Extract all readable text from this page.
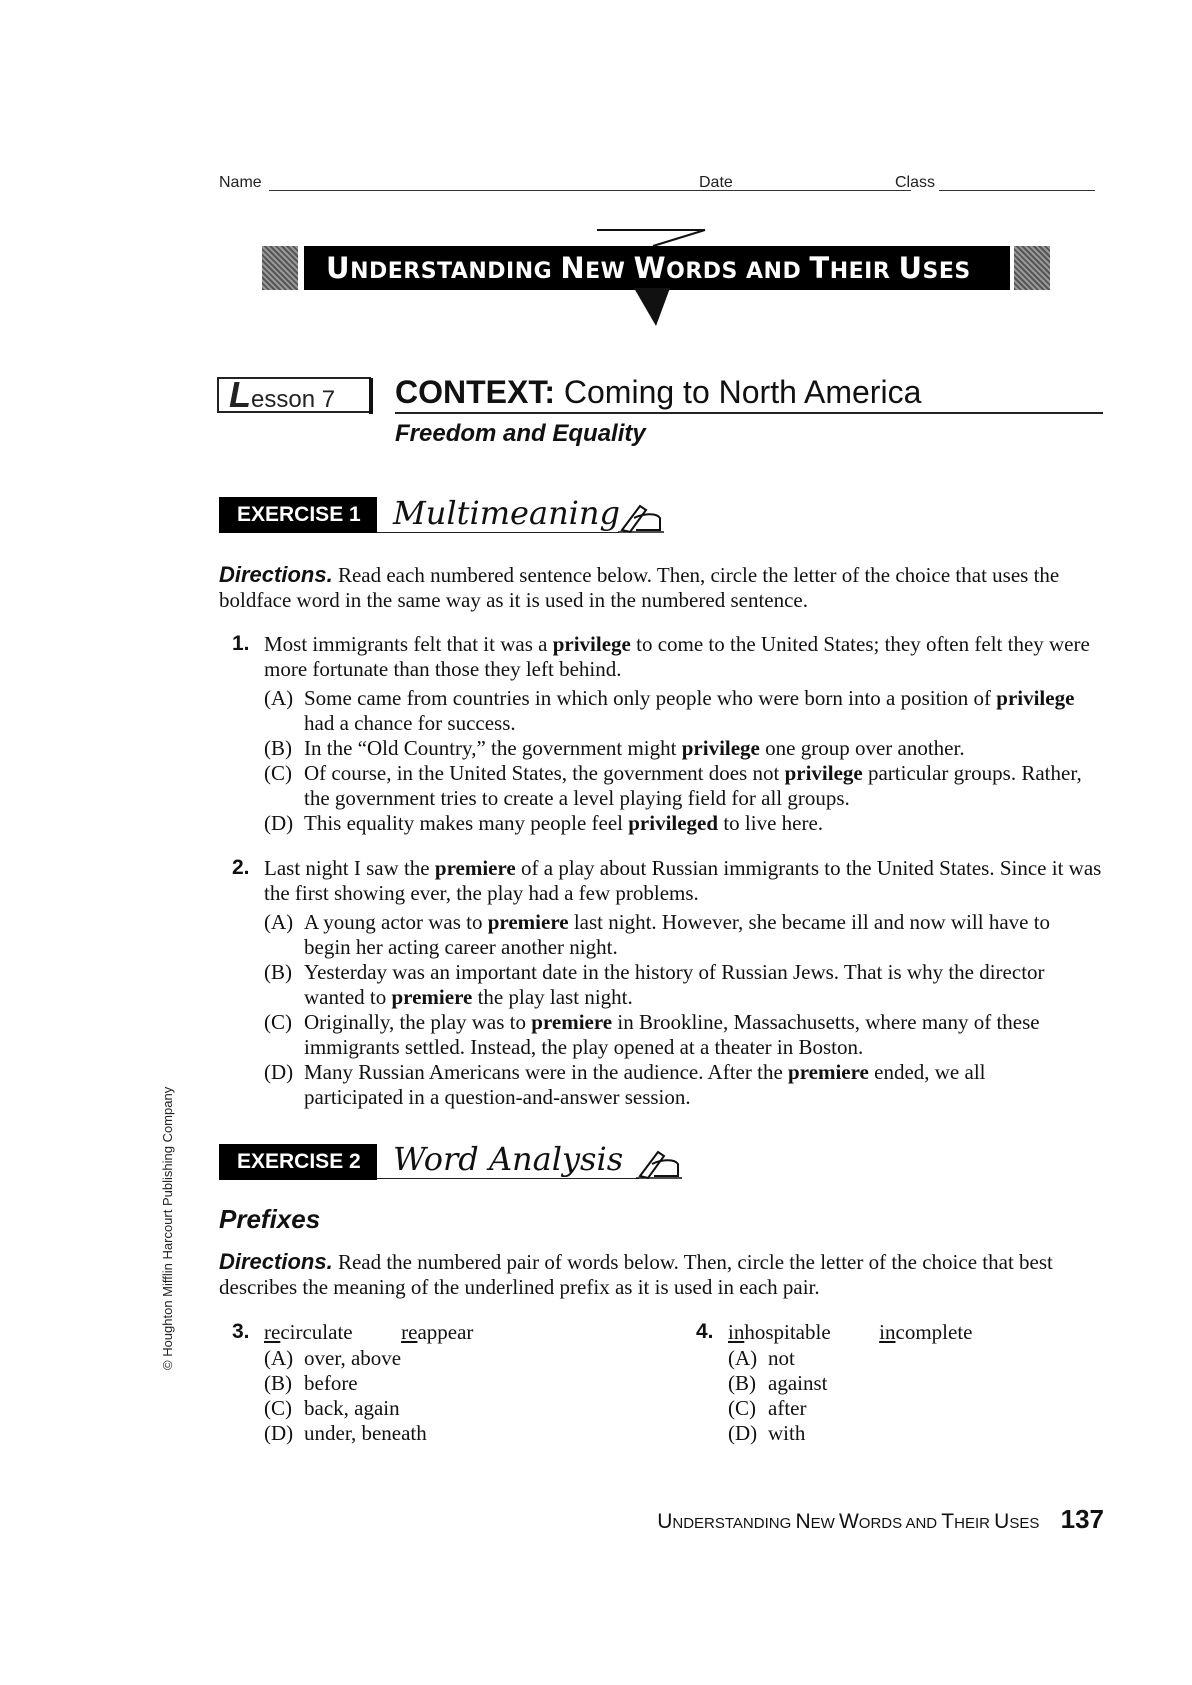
Name	Date	Class
UNDERSTANDING NEW WORDS AND THEIR USES
Lesson 7	CONTEXT: Coming to North America
Freedom and Equality
EXERCISE 1	Multimeaning
Directions. Read each numbered sentence below. Then, circle the letter of the choice that uses the boldface word in the same way as it is used in the numbered sentence.
1. Most immigrants felt that it was a privilege to come to the United States; they often felt they were more fortunate than those they left behind.
(A) Some came from countries in which only people who were born into a position of privilege had a chance for success.
(B) In the “Old Country,” the government might privilege one group over another.
(C) Of course, in the United States, the government does not privilege particular groups. Rather, the government tries to create a level playing field for all groups.
(D) This equality makes many people feel privileged to live here.
2. Last night I saw the premiere of a play about Russian immigrants to the United States. Since it was the first showing ever, the play had a few problems.
(A) A young actor was to premiere last night. However, she became ill and now will have to begin her acting career another night.
(B) Yesterday was an important date in the history of Russian Jews. That is why the director wanted to premiere the play last night.
(C) Originally, the play was to premiere in Brookline, Massachusetts, where many of these immigrants settled. Instead, the play opened at a theater in Boston.
(D) Many Russian Americans were in the audience. After the premiere ended, we all participated in a question-and-answer session.
EXERCISE 2	Word Analysis
Prefixes
Directions. Read the numbered pair of words below. Then, circle the letter of the choice that best describes the meaning of the underlined prefix as it is used in each pair.
3. recirculate reappear
(A) over, above
(B) before
(C) back, again
(D) under, beneath
4. inhospitable incomplete
(A) not
(B) against
(C) after
(D) with
© Houghton Mifflin Harcourt Publishing Company
UNDERSTANDING NEW WORDS AND THEIR USES 137
